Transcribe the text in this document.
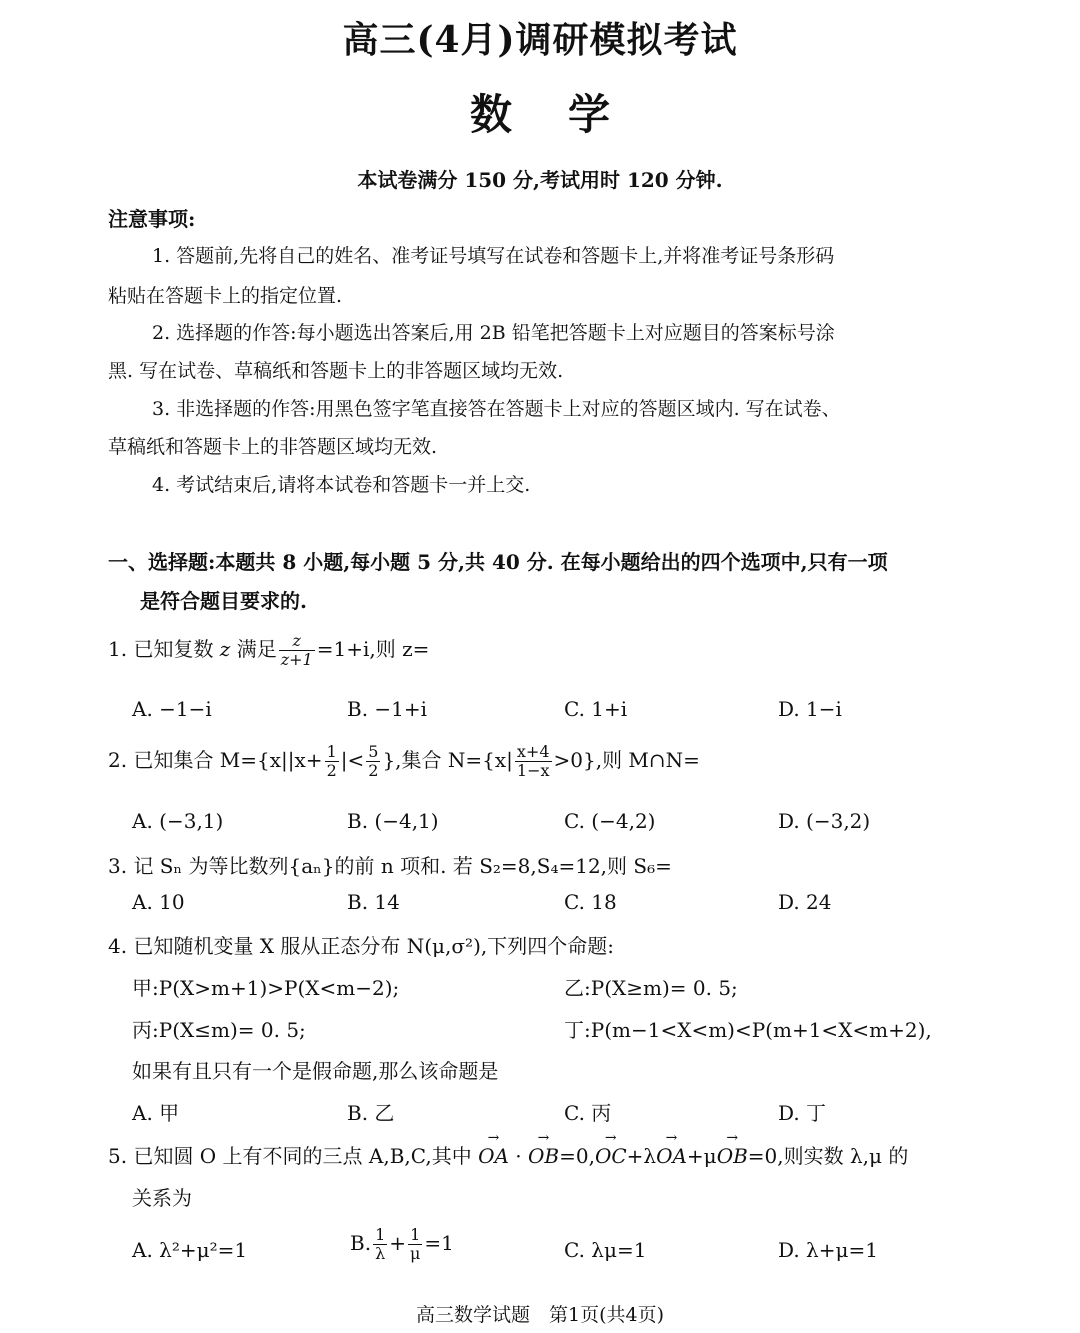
高三(4月)调研模拟考试
数学
本试卷满分 150 分,考试用时 120 分钟.
注意事项:
1. 答题前,先将自己的姓名、准考证号填写在试卷和答题卡上,并将准考证号条形码
粘贴在答题卡上的指定位置.
2. 选择题的作答:每小题选出答案后,用 2B 铅笔把答题卡上对应题目的答案标号涂
黑. 写在试卷、草稿纸和答题卡上的非答题区域均无效.
3. 非选择题的作答:用黑色签字笔直接答在答题卡上对应的答题区域内. 写在试卷、
草稿纸和答题卡上的非答题区域均无效.
4. 考试结束后,请将本试卷和答题卡一并上交.
一、选择题:本题共 8 小题,每小题 5 分,共 40 分. 在每小题给出的四个选项中,只有一项
是符合题目要求的.
1. 已知复数 z 满足 $\frac{z}{z+1} =1+i$,则 z=
A. −1−i	B. −1+i	C. 1+i	D. 1−i
2. 已知集合 $M=\{x||x+ \frac{1}{2}$ |< $\frac{5}{2}$ },集合 $N=\{x| \frac{x+4}{1-x} >0\}$,则 M∩N=
A. (−3,1)	B. (−4,1)	C. (−4,2)	D. (−3,2)
3. 记 Sₙ 为等比数列{aₙ}的前 n 项和. 若 S₂=8,S₄=12,则 S₆=
A. 10	B. 14	C. 18	D. 24
4. 已知随机变量 X 服从正态分布 N(μ,σ²),下列四个命题:
甲:P(X>m+1)>P(X<m−2);	乙:P(X≥m)= 0. 5;
丙:P(X≤m)= 0. 5;	丁:P(m−1<X<m)<P(m+1<X<m+2),
如果有且只有一个是假命题,那么该命题是
A. 甲	B. 乙	C. 丙	D. 丁
5. 已知圆 O 上有不同的三点 A,B,C,其中 → OA · → OB=0,→ OC+λ→ OA+μ→ OB=0,则实数 λ,μ 的
关系为
A. λ²+μ²=1	B. $\frac{1}{\lambda} + \frac{1}{\mu} =1$	C. λμ=1	D. λ+μ=1
高三数学试题　第1页(共4页)
